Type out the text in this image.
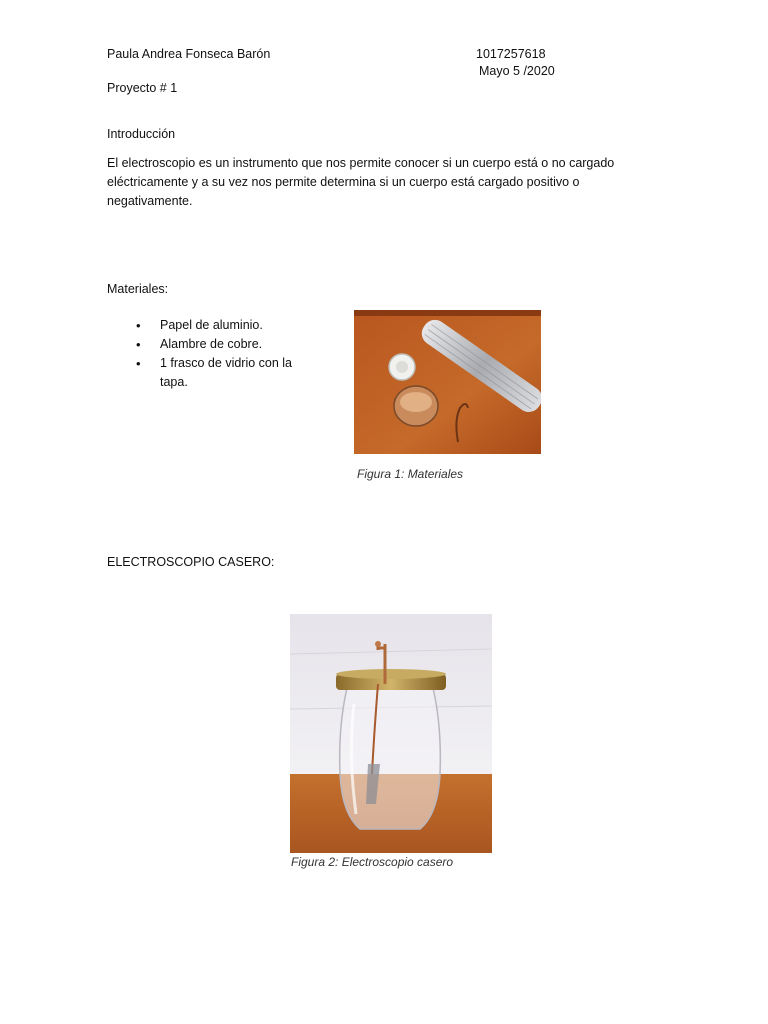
Paula Andrea Fonseca Barón	1017257618
Mayo 5 /2020
Proyecto # 1
Introducción
El electroscopio es un instrumento que nos permite conocer si un cuerpo está o no cargado eléctricamente y a su vez nos permite determina si un cuerpo está cargado positivo o negativamente.
Materiales:
• Papel de aluminio.
• Alambre de cobre.
• 1 frasco de vidrio con la tapa.
Figura 1: Materiales
ELECTROSCOPIO CASERO:
Figura 2: Electroscopio casero
